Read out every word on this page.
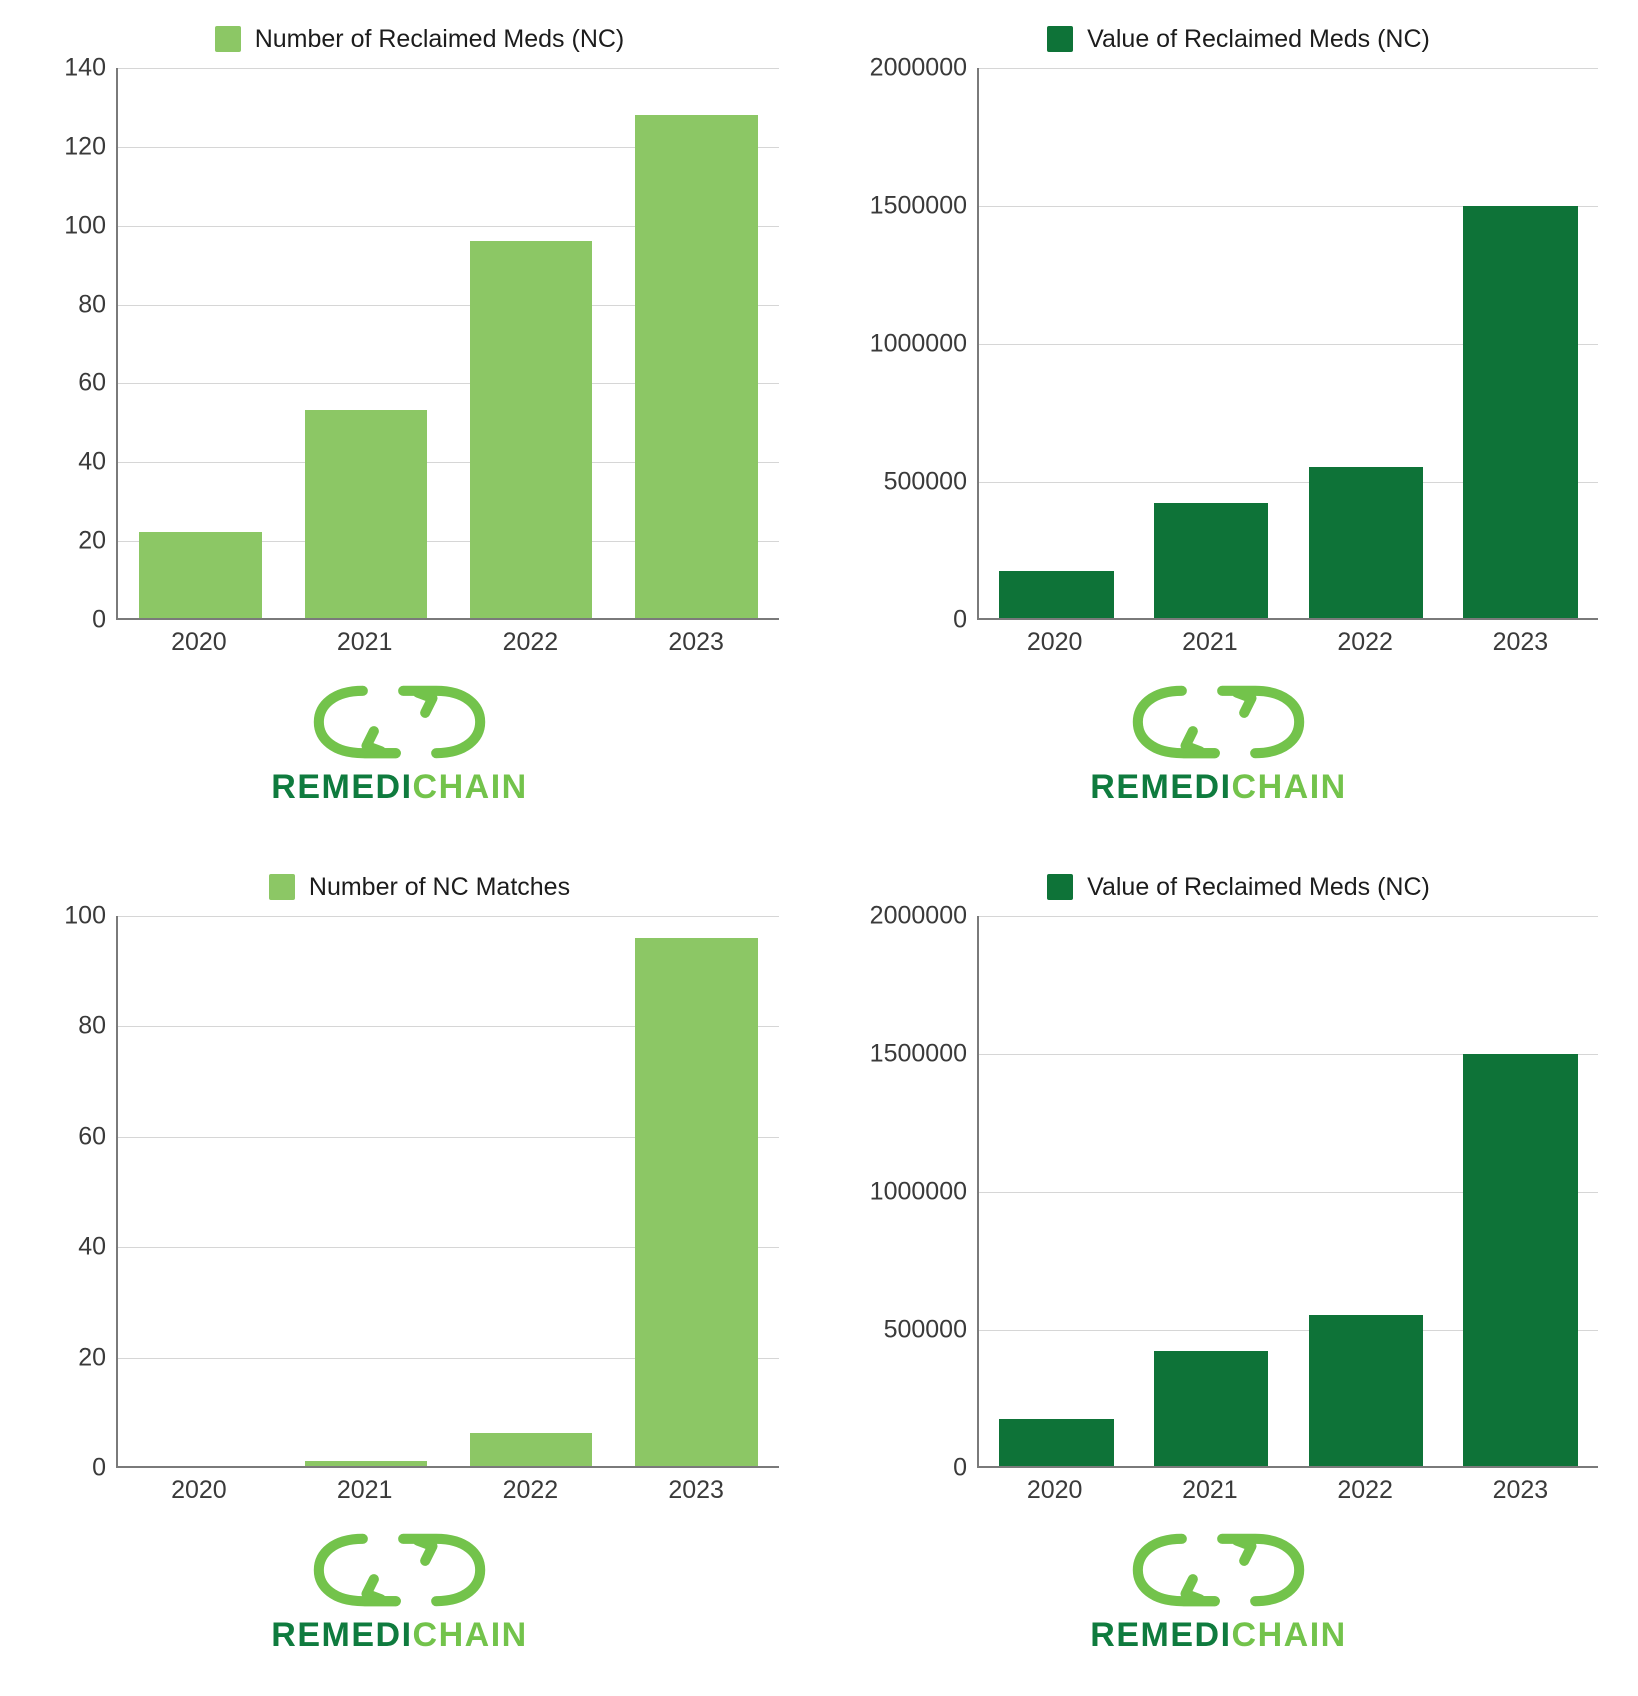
Number of Reclaimed Meds (NC)
0
20
40
60
80
100
120
140
2020	2021	2022	2023
REMEDICHAIN
Value of Reclaimed Meds (NC)
0
500000
1000000
1500000
2000000
2020	2021	2022	2023
REMEDICHAIN
Number of NC Matches
0
20
40
60
80
100
2020	2021	2022	2023
REMEDICHAIN
Value of Reclaimed Meds (NC)
0
500000
1000000
1500000
2000000
2020	2021	2022	2023
REMEDICHAIN
